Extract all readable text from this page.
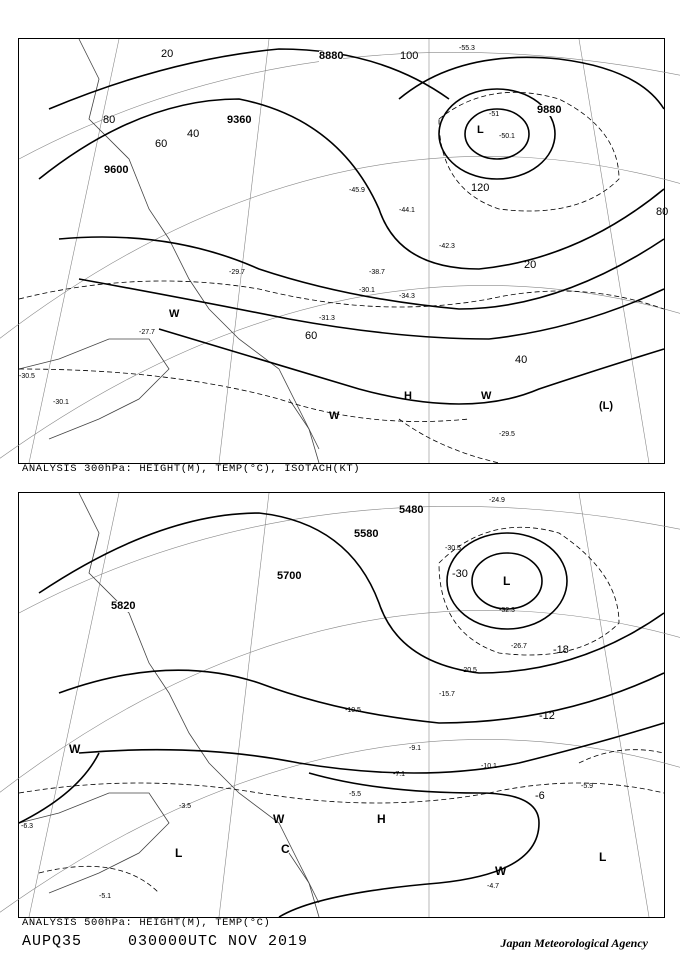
8880
9360
9600
9880
20
40
60
80
100
120
20
40
60
80
-55.3
-51
-50.1
-45.9
-44.1
-42.3
-38.7
-34.3
-31.3
-30.1
-29.7
-27.7
-29.5
-30.5
-30.1
L
H	W
W
W
(L)
ANALYSIS 300hPa: HEIGHT(M), TEMP(°C), ISOTACH(KT)
5580
5700
5820
5480
-30
-18
-12
-6
-24.9
-30.5
-32.3
-26.7
-20.5
-15.7
-10.5
-9.1
-7.1
-5.5
-10.1
-5.9
-4.7
-6.3
-5.1
-3.5
L
H
L	L
W
W
W
C
ANALYSIS 500hPa: HEIGHT(M), TEMP(°C)
AUPQ35	030000UTC NOV 2019	Japan Meteorological Agency
